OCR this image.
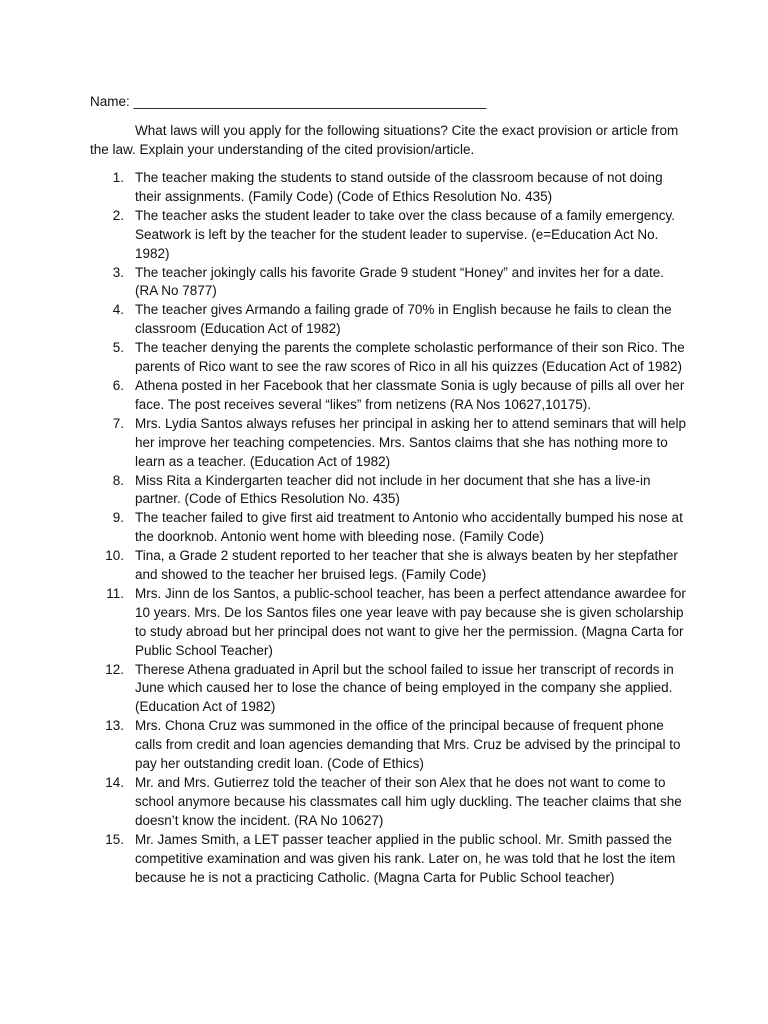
Name: _______________________________________________

What laws will you apply for the following situations? Cite the exact provision or article from the law. Explain your understanding of the cited provision/article.

1. The teacher making the students to stand outside of the classroom because of not doing their assignments. (Family Code) (Code of Ethics Resolution No. 435)
2. The teacher asks the student leader to take over the class because of a family emergency. Seatwork is left by the teacher for the student leader to supervise. (e=Education Act No. 1982)
3. The teacher jokingly calls his favorite Grade 9 student “Honey” and invites her for a date. (RA No 7877)
4. The teacher gives Armando a failing grade of 70% in English because he fails to clean the classroom (Education Act of 1982)
5. The teacher denying the parents the complete scholastic performance of their son Rico. The parents of Rico want to see the raw scores of Rico in all his quizzes (Education Act of 1982)
6. Athena posted in her Facebook that her classmate Sonia is ugly because of pills all over her face. The post receives several “likes” from netizens (RA Nos 10627,10175).
7. Mrs. Lydia Santos always refuses her principal in asking her to attend seminars that will help her improve her teaching competencies. Mrs. Santos claims that she has nothing more to learn as a teacher. (Education Act of 1982)
8. Miss Rita a Kindergarten teacher did not include in her document that she has a live-in partner. (Code of Ethics Resolution No. 435)
9. The teacher failed to give first aid treatment to Antonio who accidentally bumped his nose at the doorknob. Antonio went home with bleeding nose. (Family Code)
10. Tina, a Grade 2 student reported to her teacher that she is always beaten by her stepfather and showed to the teacher her bruised legs. (Family Code)
11. Mrs. Jinn de los Santos, a public-school teacher, has been a perfect attendance awardee for 10 years. Mrs. De los Santos files one year leave with pay because she is given scholarship to study abroad but her principal does not want to give her the permission. (Magna Carta for Public School Teacher)
12. Therese Athena graduated in April but the school failed to issue her transcript of records in June which caused her to lose the chance of being employed in the company she applied. (Education Act of 1982)
13. Mrs. Chona Cruz was summoned in the office of the principal because of frequent phone calls from credit and loan agencies demanding that Mrs. Cruz be advised by the principal to pay her outstanding credit loan. (Code of Ethics)
14. Mr. and Mrs. Gutierrez told the teacher of their son Alex that he does not want to come to school anymore because his classmates call him ugly duckling. The teacher claims that she doesn’t know the incident. (RA No 10627)
15. Mr. James Smith, a LET passer teacher applied in the public school. Mr. Smith passed the competitive examination and was given his rank. Later on, he was told that he lost the item because he is not a practicing Catholic. (Magna Carta for Public School teacher)
